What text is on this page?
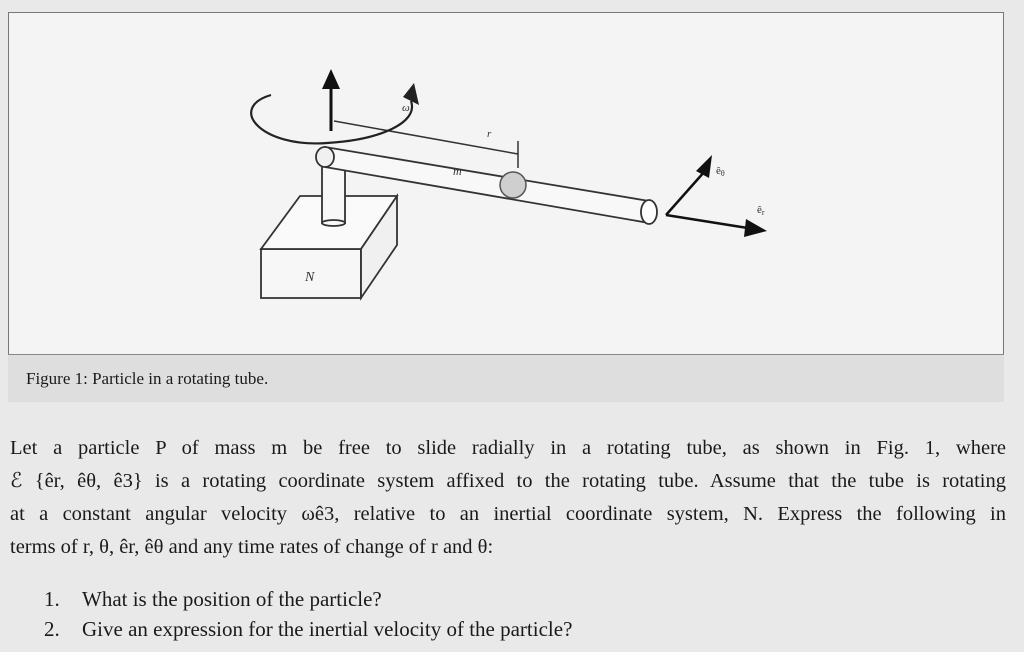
N
m
r
ω
êθ
êr
Figure 1: Particle in a rotating tube.
Let a particle P of mass m be free to slide radially in a rotating tube, as shown in Fig. 1, where
ℰ {êr, êθ, ê3} is a rotating coordinate system affixed to the rotating tube. Assume that the tube is rotating
at a constant angular velocity ωê3, relative to an inertial coordinate system, N. Express the following in
terms of r, θ, êr, êθ and any time rates of change of r and θ:
1. What is the position of the particle?
2. Give an expression for the inertial velocity of the particle?
